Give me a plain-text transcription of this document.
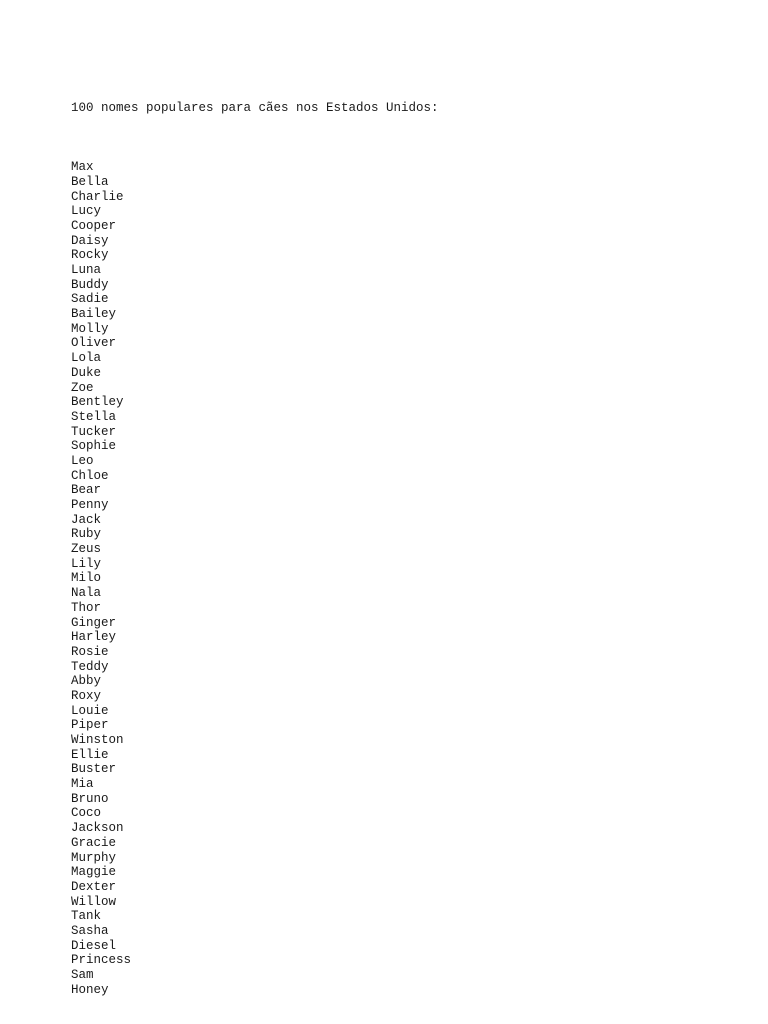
100 nomes populares para cães nos Estados Unidos:

Max
Bella
Charlie
Lucy
Cooper
Daisy
Rocky
Luna
Buddy
Sadie
Bailey
Molly
Oliver
Lola
Duke
Zoe
Bentley
Stella
Tucker
Sophie
Leo
Chloe
Bear
Penny
Jack
Ruby
Zeus
Lily
Milo
Nala
Thor
Ginger
Harley
Rosie
Teddy
Abby
Roxy
Louie
Piper
Winston
Ellie
Buster
Mia
Bruno
Coco
Jackson
Gracie
Murphy
Maggie
Dexter
Willow
Tank
Sasha
Diesel
Princess
Sam
Honey
